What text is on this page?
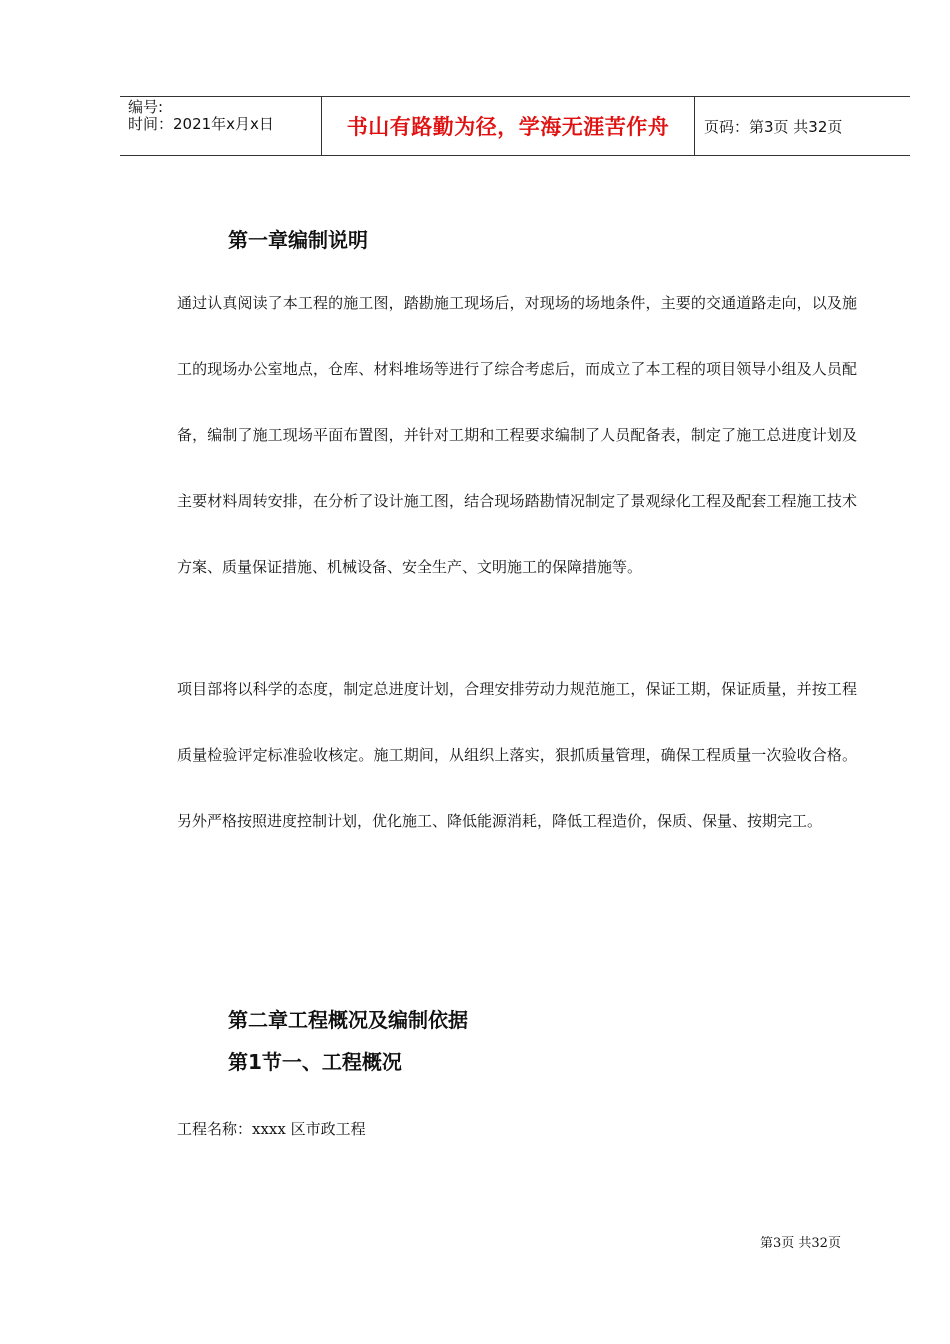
编号:
时间：2021年x月x日	书山有路勤为径，学海无涯苦作舟	页码：第3页 共32页
第一章编制说明

通过认真阅读了本工程的施工图，踏勘施工现场后，对现场的场地条件，主要的交通道路走向，以及施工的现场办公室地点，仓库、材料堆场等进行了综合考虑后，而成立了本工程的项目领导小组及人员配备，编制了施工现场平面布置图，并针对工期和工程要求编制了人员配备表，制定了施工总进度计划及主要材料周转安排，在分析了设计施工图，结合现场踏勘情况制定了景观绿化工程及配套工程施工技术方案、质量保证措施、机械设备、安全生产、文明施工的保障措施等。

项目部将以科学的态度，制定总进度计划，合理安排劳动力规范施工，保证工期，保证质量，并按工程质量检验评定标准验收核定。施工期间，从组织上落实，狠抓质量管理，确保工程质量一次验收合格。另外严格按照进度控制计划，优化施工、降低能源消耗，降低工程造价，保质、保量、按期完工。

第二章工程概况及编制依据
第1节一、工程概况
工程名称：xxxx 区市政工程
第3页 共32页
